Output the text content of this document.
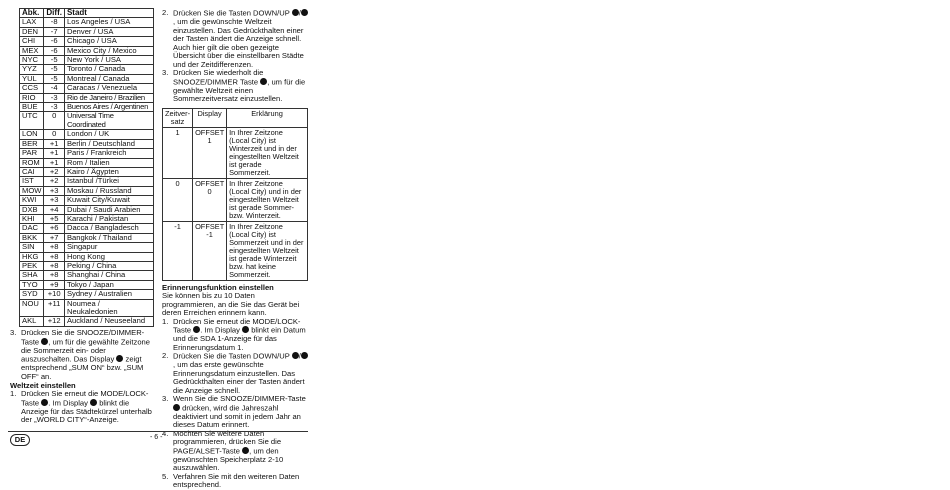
Abk.	Diff.	Stadt
LAX	-8	Los Angeles / USA
DEN	-7	Denver / USA
CHI	-6	Chicago / USA
MEX	-6	Mexico City / Mexico
NYC	-5	New York / USA
YYZ	-5	Toronto / Canada
YUL	-5	Montreal / Canada
CCS	-4	Caracas / Venezuela
RIO	-3	Rio de Janeiro / Brazilien
BUE	-3	Buenos Aires / Argentinen
UTC	0	Universal Time Coordinated
LON	0	London / UK
BER	+1	Berlin / Deutschland
PAR	+1	Paris / Frankreich
ROM	+1	Rom / Italien
CAI	+2	Kairo / Ägypten
IST	+2	Istanbul /Türkei
MOW	+3	Moskau / Russland
KWI	+3	Kuwait City/Kuwait
DXB	+4	Dubai / Saudi Arabien
KHI	+5	Karachi / Pakistan
DAC	+6	Dacca / Bangladesch
BKK	+7	Bangkok / Thailand
SIN	+8	Singapur
HKG	+8	Hong Kong
PEK	+8	Peking / China
SHA	+8	Shanghai / China
TYO	+9	Tokyo / Japan
SYD	+10	Sydney / Australien
NOU	+11	Noumea / Neukaledonien
AKL	+12	Auckland / Neuseeland
3. Drücken Sie die SNOOZE/DIMMER-Taste , um für die gewählte Zeitzone die Sommerzeit ein- oder auszuschalten. Das Display zeigt entsprechend „SUM ON“ bzw. „SUM OFF“ an.
Weltzeit einstellen
1. Drücken Sie erneut die MODE/LOCK-Taste . Im Display blinkt die Anzeige für das Städtekürzel unterhalb der „WORLD CITY“-Anzeige.
2. Drücken Sie die Tasten DOWN/UP /, um die gewünschte Weltzeit einzustellen. Das Gedrückthalten einer der Tasten ändert die Anzeige schnell. Auch hier gilt die oben gezeigte Übersicht über die einstellbaren Städte und der Zeitdifferenzen.
3. Drücken Sie wiederholt die SNOOZE/DIMMER Taste , um für die gewählte Weltzeit einen Sommerzeitversatz einzustellen.
Zeitver-satz	Display	Erklärung
1	OFFSET 1	In Ihrer Zeitzone (Local City) ist Winterzeit und in der eingestellten Weltzeit ist gerade Sommerzeit.
0	OFFSET 0	In Ihrer Zeitzone (Local City) und in der eingestellten Weltzeit ist gerade Sommer- bzw. Winterzeit.
-1	OFFSET -1	In Ihrer Zeitzone (Local City) ist Sommerzeit und in der eingestellten Weltzeit ist gerade Winterzeit bzw. hat keine Sommerzeit.
Erinnerungsfunktion einstellen
Sie können bis zu 10 Daten programmieren, an die Sie das Gerät bei deren Erreichen erinnern kann.
1. Drücken Sie erneut die MODE/LOCK-Taste . Im Display blinkt ein Datum und die SDA 1-Anzeige für das Erinnerungsdatum 1.
2. Drücken Sie die Tasten DOWN/UP /, um das erste gewünschte Erinnerungsdatum einzustellen. Das Gedrückthalten einer der Tasten ändert die Anzeige schnell.
3. Wenn Sie die SNOOZE/DIMMER-Taste  drücken, wird die Jahreszahl deaktiviert und somit in jedem Jahr an dieses Datum erinnert.
4. Möchten Sie weitere Daten programmieren, drücken Sie die PAGE/ALSET-Taste , um den gewünschten Speicherplatz 2-10 auszuwählen.
5. Verfahren Sie mit den weiteren Daten entsprechend.
DE	- 6 -
